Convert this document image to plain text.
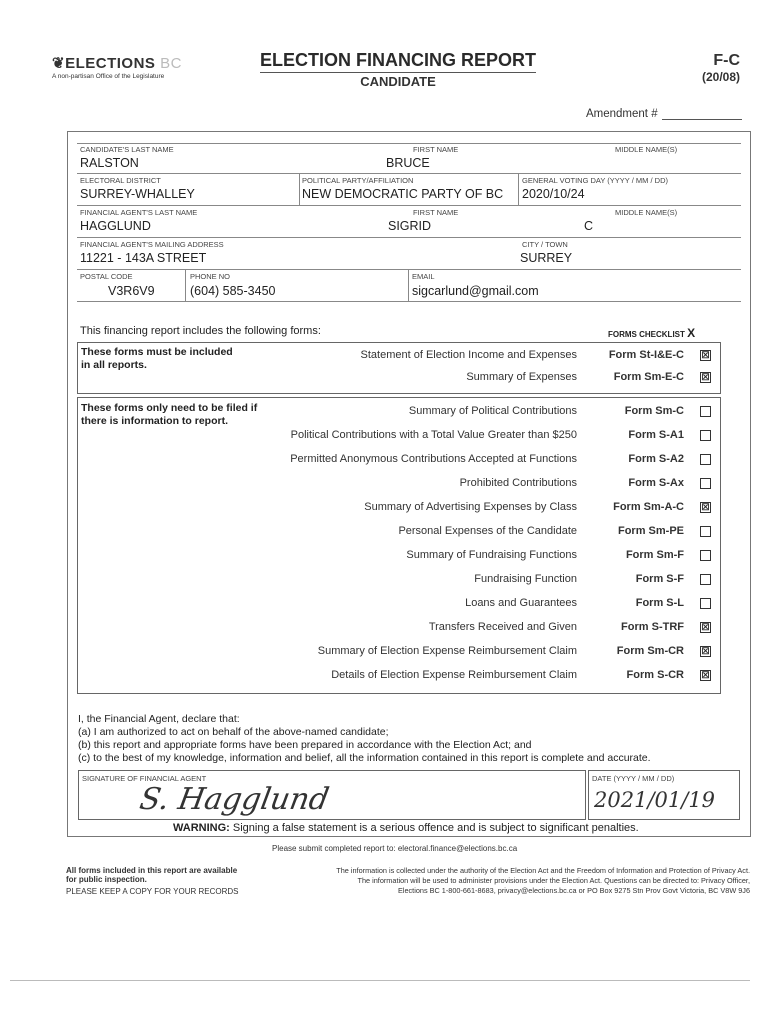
❦ELECTIONS BC
A non-partisan Office of the Legislature
ELECTION FINANCING REPORT
CANDIDATE
F-C
(20/08)
Amendment #
CANDIDATE'S LAST NAME
RALSTON
FIRST NAME
BRUCE
MIDDLE NAME(S)
ELECTORAL DISTRICT
SURREY-WHALLEY
POLITICAL PARTY/AFFILIATION
NEW DEMOCRATIC PARTY OF BC
GENERAL VOTING DAY (YYYY / MM / DD)
2020/10/24
FINANCIAL AGENT'S LAST NAME
HAGGLUND
FIRST NAME
SIGRID
MIDDLE NAME(S)
C
FINANCIAL AGENT'S MAILING ADDRESS
11221 - 143A STREET
CITY / TOWN
SURREY
POSTAL CODE
V3R6V9
PHONE NO
(604) 585-3450
EMAIL
sigcarlund@gmail.com
This financing report includes the following forms:	FORMS CHECKLIST X
These forms must be included in all reports.
Statement of Election Income and Expenses	Form St-I&E-C ☒
Summary of Expenses	Form Sm-E-C ☒
These forms only need to be filed if there is information to report.
Summary of Political Contributions	Form Sm-C
Political Contributions with a Total Value Greater than $250	Form S-A1
Permitted Anonymous Contributions Accepted at Functions	Form S-A2
Prohibited Contributions	Form S-Ax
Summary of Advertising Expenses by Class	Form Sm-A-C ☒
Personal Expenses of the Candidate	Form Sm-PE
Summary of Fundraising Functions	Form Sm-F
Fundraising Function	Form S-F
Loans and Guarantees	Form S-L
Transfers Received and Given	Form S-TRF ☒
Summary of Election Expense Reimbursement Claim	Form Sm-CR ☒
Details of Election Expense Reimbursement Claim	Form S-CR ☒
I, the Financial Agent, declare that:
(a) I am authorized to act on behalf of the above-named candidate;
(b) this report and appropriate forms have been prepared in accordance with the Election Act; and
(c) to the best of my knowledge, information and belief, all the information contained in this report is complete and accurate.
SIGNATURE OF FINANCIAL AGENT
S. Hagglund
DATE (YYYY / MM / DD)
2021/01/19
WARNING: Signing a false statement is a serious offence and is subject to significant penalties.
Please submit completed report to: electoral.finance@elections.bc.ca
All forms included in this report are available
for public inspection.
PLEASE KEEP A COPY FOR YOUR RECORDS
The information is collected under the authority of the Election Act and the Freedom of Information and Protection of Privacy Act.
The information will be used to administer provisions under the Election Act. Questions can be directed to: Privacy Officer,
Elections BC 1-800-661-8683, privacy@elections.bc.ca or PO Box 9275 Stn Prov Govt Victoria, BC V8W 9J6
